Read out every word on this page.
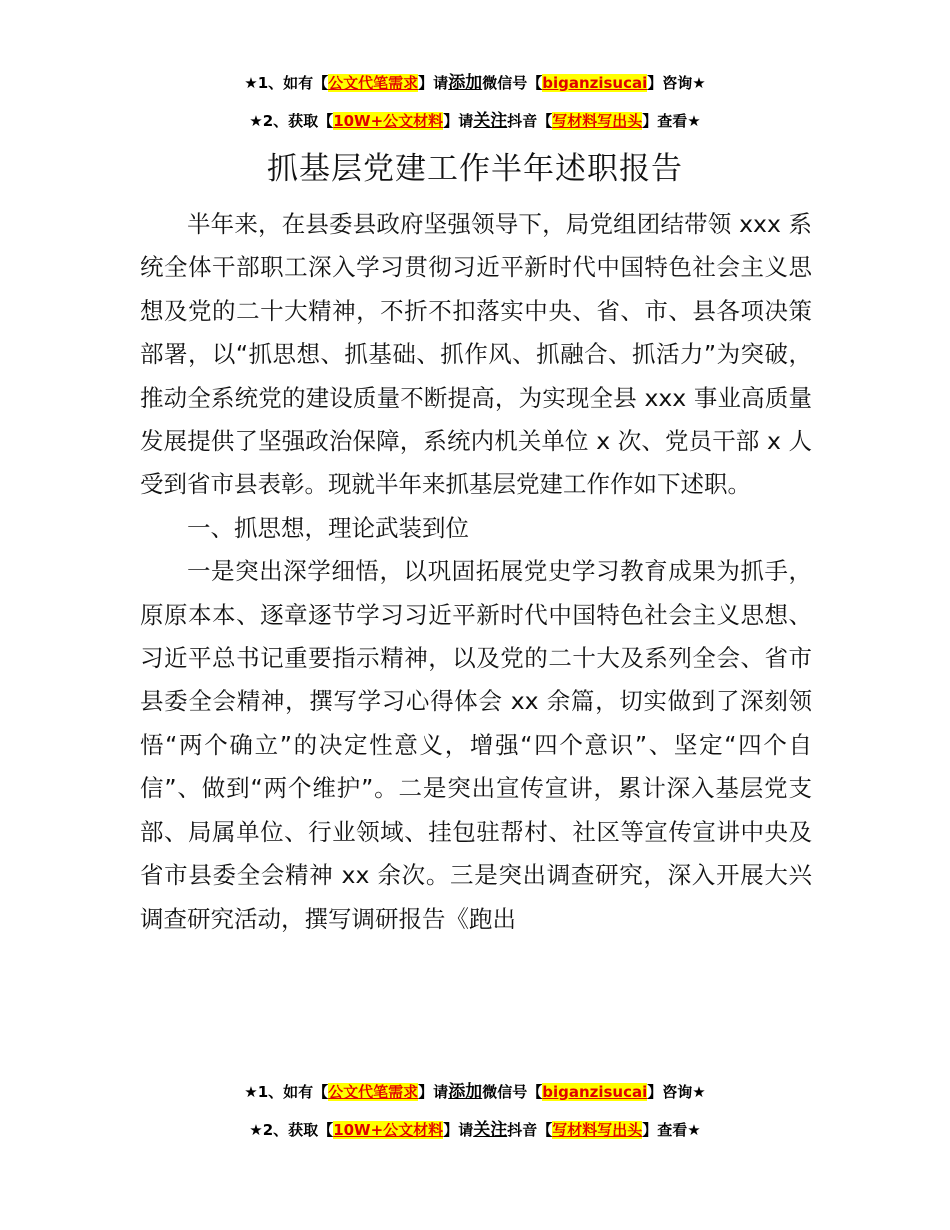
★1、如有【公文代笔需求】请添加微信号【biganzisucai】咨询★
★2、获取【10W+公文材料】请关注抖音【写材料写出头】查看★
抓基层党建工作半年述职报告

半年来，在县委县政府坚强领导下，局党组团结带领 xxx 系统全体干部职工深入学习贯彻习近平新时代中国特色社会主义思想及党的二十大精神，不折不扣落实中央、省、市、县各项决策部署，以“抓思想、抓基础、抓作风、抓融合、抓活力”为突破，推动全系统党的建设质量不断提高，为实现全县 xxx 事业高质量发展提供了坚强政治保障，系统内机关单位 x 次、党员干部 x 人受到省市县表彰。现就半年来抓基层党建工作作如下述职。

一、抓思想，理论武装到位

一是突出深学细悟，以巩固拓展党史学习教育成果为抓手，原原本本、逐章逐节学习习近平新时代中国特色社会主义思想、习近平总书记重要指示精神，以及党的二十大及系列全会、省市县委全会精神，撰写学习心得体会 xx 余篇，切实做到了深刻领悟“两个确立”的决定性意义，增强“四个意识”、坚定“四个自信”、做到“两个维护”。二是突出宣传宣讲，累计深入基层党支部、局属单位、行业领域、挂包驻帮村、社区等宣传宣讲中央及省市县委全会精神 xx 余次。三是突出调查研究，深入开展大兴调查研究活动，撰写调研报告《跑出

★1、如有【公文代笔需求】请添加微信号【biganzisucai】咨询★
★2、获取【10W+公文材料】请关注抖音【写材料写出头】查看★
